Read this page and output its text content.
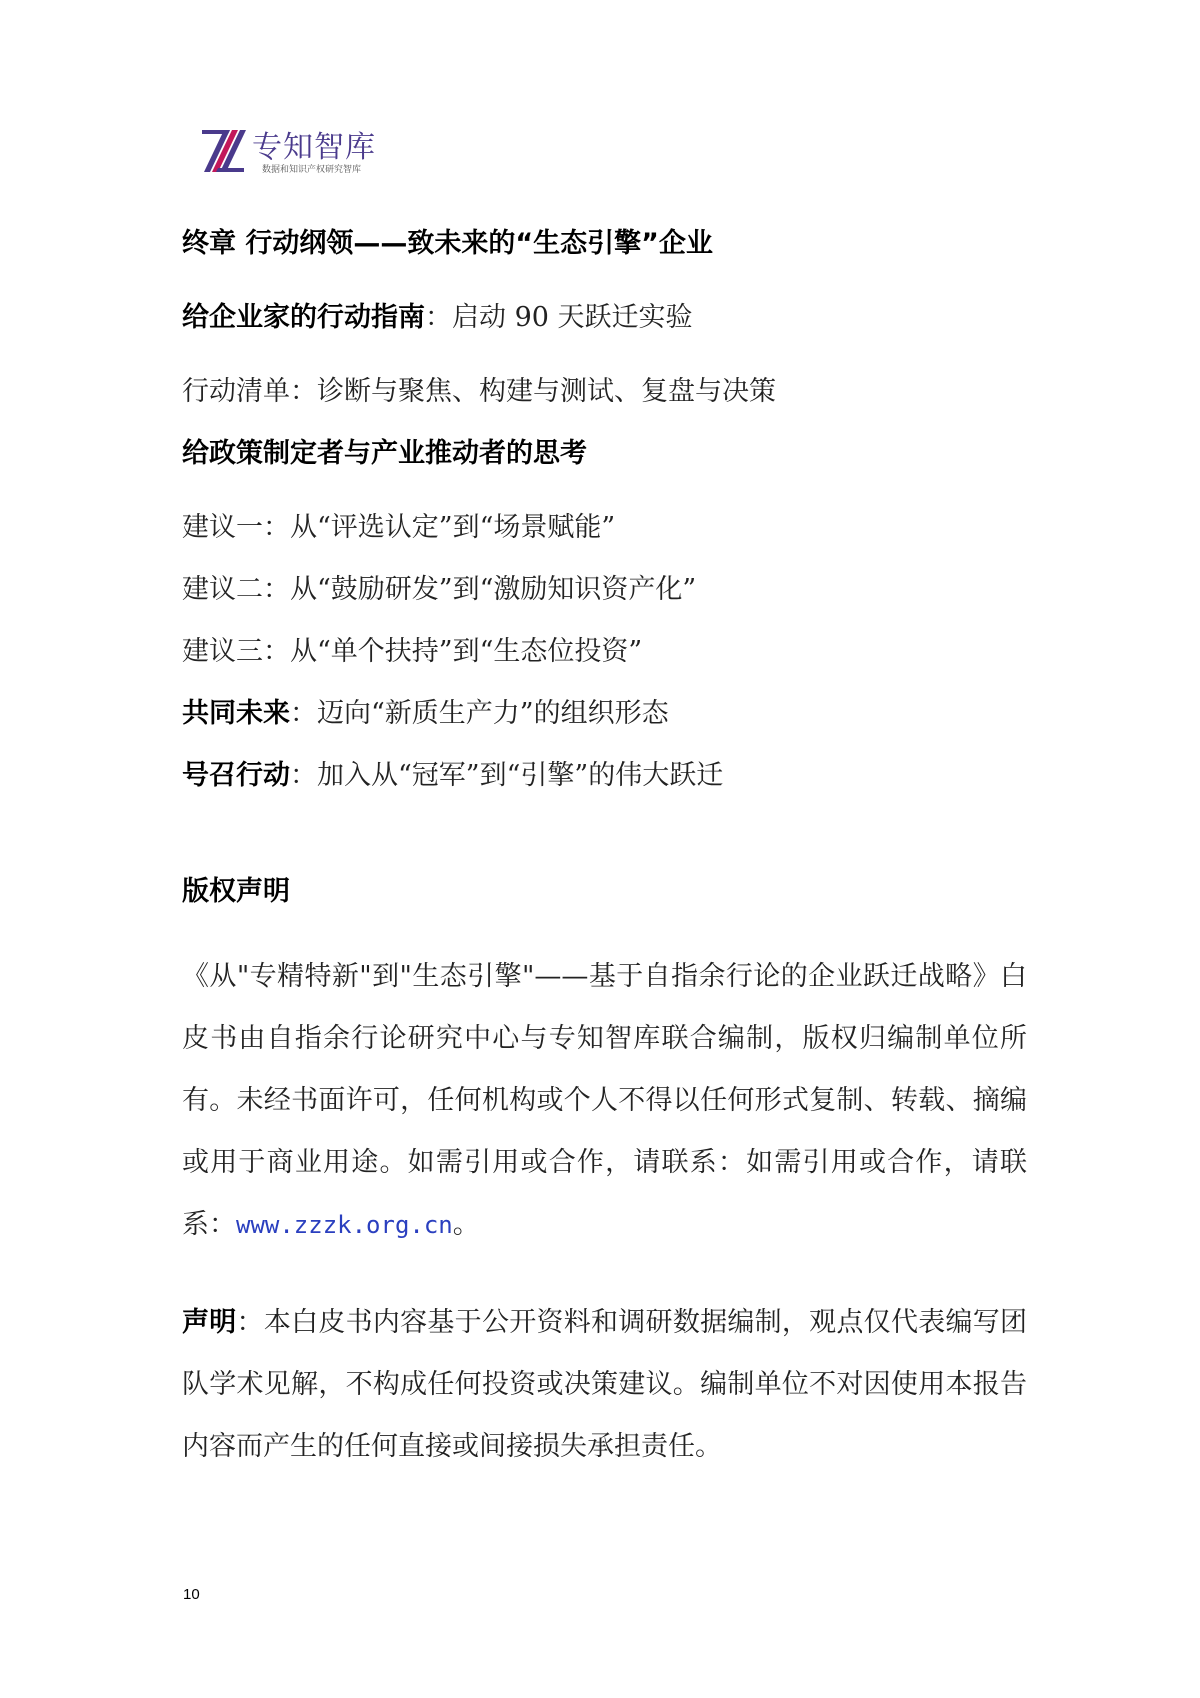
专知智库
数据和知识产权研究智库
终章 行动纲领——致未来的“生态引擎”企业
给企业家的行动指南：启动 90 天跃迁实验
行动清单：诊断与聚焦、构建与测试、复盘与决策
给政策制定者与产业推动者的思考
建议一：从“评选认定”到“场景赋能”
建议二：从“鼓励研发”到“激励知识资产化”
建议三：从“单个扶持”到“生态位投资”
共同未来：迈向“新质生产力”的组织形态
号召行动：加入从“冠军”到“引擎”的伟大跃迁
版权声明
《从"专精特新"到"生态引擎"——基于自指余行论的企业跃迁战略》白皮书由自指余行论研究中心与专知智库联合编制，版权归编制单位所有。未经书面许可，任何机构或个人不得以任何形式复制、转载、摘编或用于商业用途。如需引用或合作，请联系：如需引用或合作，请联系：www.zzzk.org.cn。
声明：本白皮书内容基于公开资料和调研数据编制，观点仅代表编写团队学术见解，不构成任何投资或决策建议。编制单位不对因使用本报告内容而产生的任何直接或间接损失承担责任。
10
